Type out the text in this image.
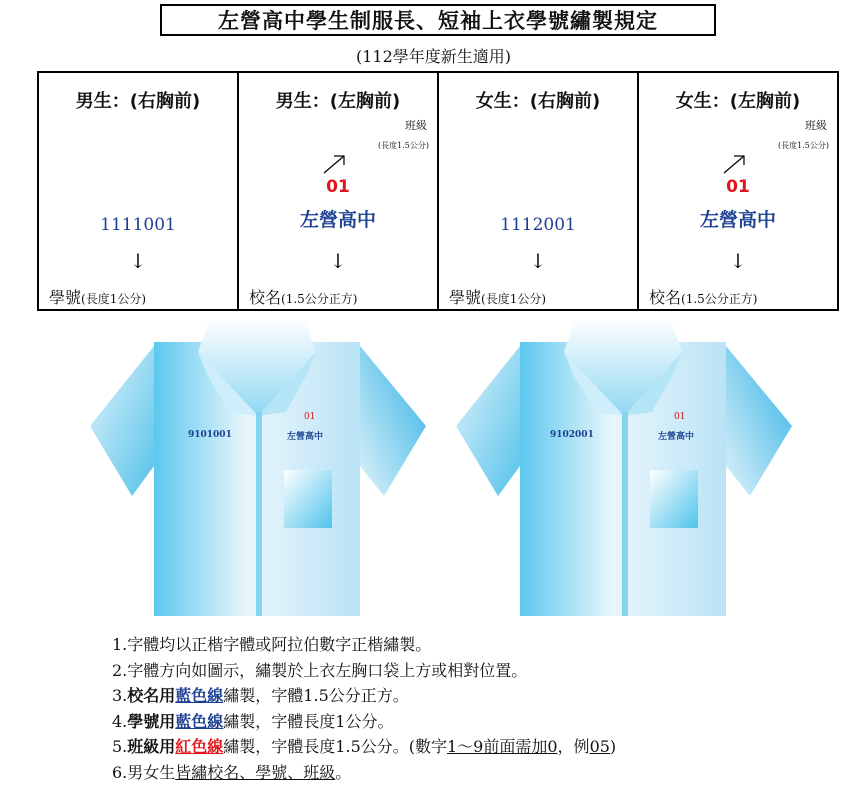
左營高中學生制服長、短袖上衣學號繡製規定
(112學年度新生適用)
男生：(右胸前)
1111001
↓
學號(長度1公分)

男生：(左胸前)
班級
(長度1.5公分)
01
左營高中
↓
校名(1.5公分正方)

女生：(右胸前)
1112001
↓
學號(長度1公分)

女生：(左胸前)
班級
(長度1.5公分)
01
左營高中
↓
校名(1.5公分正方)
9101001
01
左營高中	9102001
01
左營高中
1.字體均以正楷字體或阿拉伯數字正楷繡製。
2.字體方向如圖示，繡製於上衣左胸口袋上方或相對位置。
3.校名用藍色線繡製，字體1.5公分正方。
4.學號用藍色線繡製，字體長度1公分。
5.班級用紅色線繡製，字體長度1.5公分。(數字1～9前面需加0，例05)
6.男女生皆繡校名、學號、班級。
